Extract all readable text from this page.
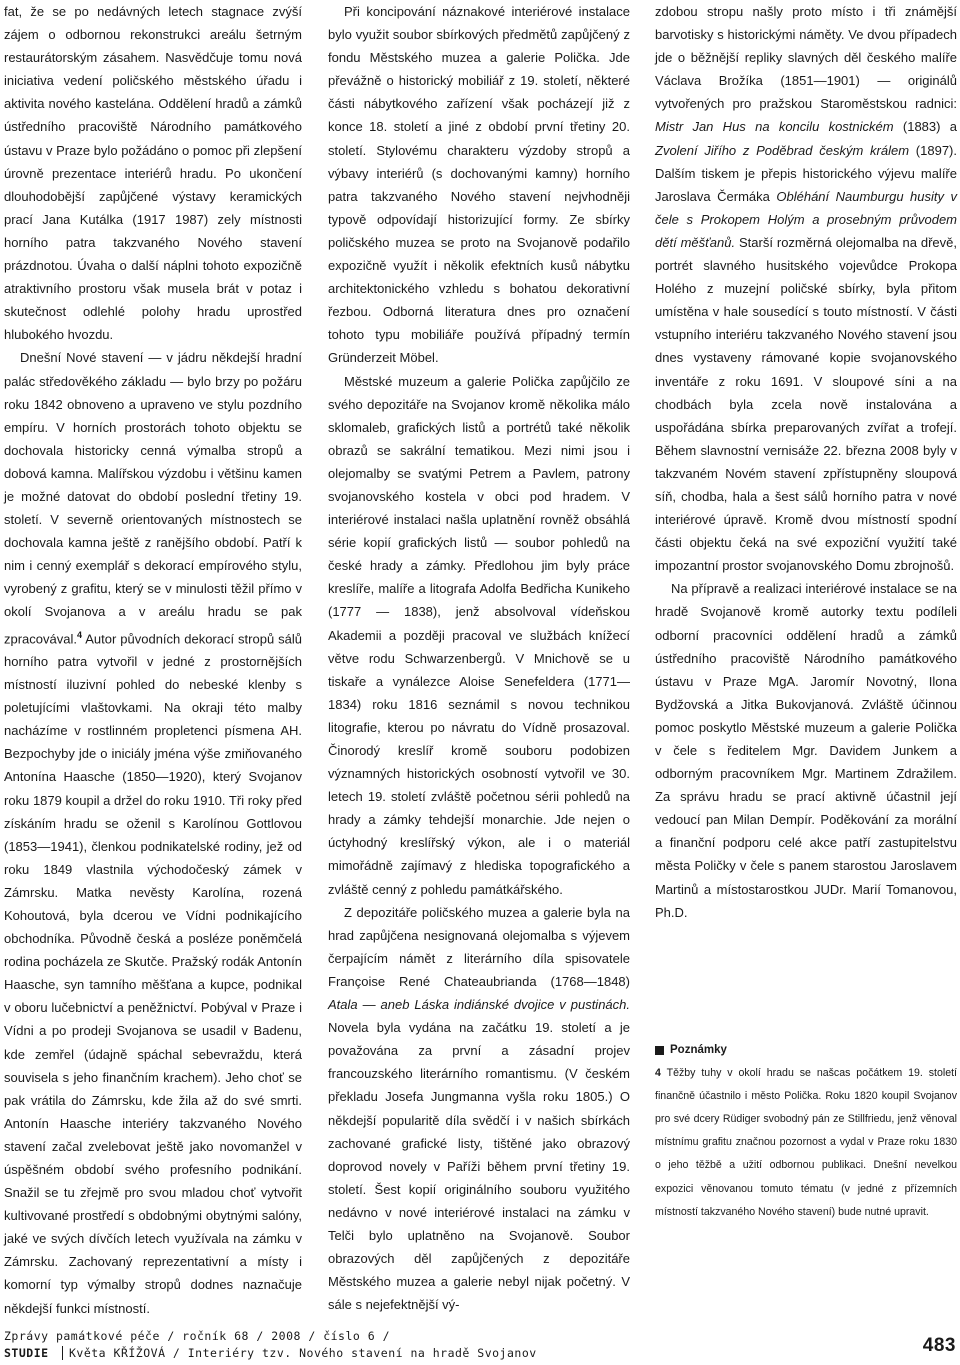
fat, že se po nedávných letech stagnace zvýší zájem o odbornou rekonstrukci areálu šetrným restaurátorským zásahem. Nasvědčuje tomu nová iniciativa vedení poličského městského úřadu i aktivita nového kastelána. Oddělení hradů a zámků ústředního pracoviště Národního památkového ústavu v Praze bylo požádáno o pomoc při zlepšení úrovně prezentace interiérů hradu. Po ukončení dlouhodobější zapůjčené výstavy keramických prací Jana Kutálka (1917 1987) zely místnosti horního patra takzvaného Nového stavení prázdnotou. Úvaha o další náplni tohoto expozičně atraktivního prostoru však musela brát v potaz i skutečnost odlehlé polohy hradu uprostřed hlubokého hvozdu.

Dnešní Nové stavení — v jádru někdejší hradní palác středověkého základu — bylo brzy po požáru roku 1842 obnoveno a upraveno ve stylu pozdního empíru. V horních prostorách tohoto objektu se dochovala historicky cenná výmalba stropů a dobová kamna. Malířskou výzdobu i většinu kamen je možné datovat do období poslední třetiny 19. století. V severně orientovaných místnostech se dochovala kamna ještě z ranějšího období. Patří k nim i cenný exemplář s dekorací empírového stylu, vyrobený z grafitu, který se v minulosti těžil přímo v okolí Svojanova a v areálu hradu se pak zpracovával.$^4$ Autor původních dekorací stropů sálů horního patra vytvořil v jedné z prostornějších místností iluzivní pohled do nebeské klenby s poletujícími vlaštovkami. Na okraji této malby nacházíme v rostlinném propletenci písmena AH. Bezpochyby jde o iniciály jména výše zmiňovaného Antonína Haasche (1850—1920), který Svojanov roku 1879 koupil a držel do roku 1910. Tři roky před získáním hradu se oženil s Karolínou Gottlovou (1853—1941), členkou podnikatelské rodiny, jež od roku 1849 vlastnila východočeský zámek v Zámrsku. Matka nevěsty Karolína, rozená Kohoutová, byla dcerou ve Vídni podnikajícího obchodníka. Původně česká a posléze poněmčelá rodina pocházela ze Skutče. Pražský rodák Antonín Haasche, syn tamního měšťana a kupce, podnikal v oboru lučebnictví a peněžnictví. Pobýval v Praze i Vídni a po prodeji Svojanova se usadil v Badenu, kde zemřel (údajně spáchal sebevraždu, která souvisela s jeho finančním krachem). Jeho choť se pak vrátila do Zámrsku, kde žila až do své smrti. Antonín Haasche interiéry takzvaného Nového stavení začal zvelebovat ještě jako novomanžel v úspěšném období svého profesního podnikání. Snažil se tu zřejmě pro svou mladou choť vytvořit kultivované prostředí s obdobnými obytnými salóny, jaké ve svých dívčích letech využívala na zámku v Zámrsku. Zachovaný reprezentativní a místy i komorní typ výmalby stropů dodnes naznačuje někdejší funkci místností.

Při koncipování náznakové interiérové instalace bylo využit soubor sbírkových předmětů zapůjčený z fondu Městského muzea a galerie Polička. Jde převážně o historický mobiliář z 19. století, některé části nábytkového zařízení však pocházejí již z konce 18. století a jiné z období první třetiny 20. století. Stylovému charakteru výzdoby stropů a výbavy interiérů (s dochovanými kamny) horního patra takzvaného Nového stavení nejvhodněji typově odpovídají historizující formy. Ze sbírky poličského muzea se proto na Svojanově podařilo expozičně využít i několik efektních kusů nábytku architektonického vzhledu s bohatou dekorativní řezbou. Odborná literatura dnes pro označení tohoto typu mobiliáře používá případný termín Gründerzeit Möbel.

Městské muzeum a galerie Polička zapůjčilo ze svého depozitáře na Svojanov kromě několika málo sklomaleb, grafických listů a portrétů také několik obrazů se sakrální tematikou. Mezi nimi jsou i olejomalby se svatými Petrem a Pavlem, patrony svojanovského kostela v obci pod hradem. V interiérové instalaci našla uplatnění rovněž obsáhlá série kopií grafických listů — soubor pohledů na české hrady a zámky. Předlohou jim byly práce kreslíře, malíře a litografa Adolfa Bedřicha Kunikeho (1777 — 1838), jenž absolvoval vídeňskou Akademii a později pracoval ve službách knížecí větve rodu Schwarzenbergů. V Mnichově se u tiskaře a vynálezce Aloise Senefeldera (1771—1834) roku 1816 seznámil s novou technikou litografie, kterou po návratu do Vídně prosazoval. Činorodý kreslíř kromě souboru podobizen významných historických osobností vytvořil ve 30. letech 19. století zvláště početnou sérii pohledů na hrady a zámky tehdejší monarchie. Jde nejen o úctyhodný kreslířský výkon, ale i o materiál mimořádně zajímavý z hlediska topografického a zvláště cenný z pohledu památkářského.

Z depozitáře poličského muzea a galerie byla na hrad zapůjčena nesignovaná olejomalba s výjevem čerpajícím námět z literárního díla spisovatele Françoise René Chateaubrianda (1768—1848) Atala — aneb Láska indiánské dvojice v pustinách. Novela byla vydána na začátku 19. století a je považována za první a zásadní projev francouzského literárního romantismu. (V českém překladu Josefa Jungmanna vyšla roku 1805.) O někdejší popularitě díla svědčí i v našich sbírkách zachované grafické listy, tištěné jako obrazový doprovod novely v Paříži během první třetiny 19. století. Šest kopií originálního souboru využitého nedávno v nové interiérové instalaci na zámku v Telči bylo uplatněno na Svojanově. Soubor obrazových děl zapůjčených z depozitáře Městského muzea a galerie nebyl nijak početný. V sále s nejefektnější vý-

zdobou stropu našly proto místo i tři známější barvotisky s historickými náměty. Ve dvou případech jde o běžnější repliky slavných děl českého malíře Václava Brožíka (1851—1901) — originálů vytvořených pro pražskou Staroměstskou radnici: Mistr Jan Hus na koncilu kostnickém (1883) a Zvolení Jiřího z Poděbrad českým králem (1897). Dalším tiskem je přepis historického výjevu malíře Jaroslava Čermáka Obléhání Naumburgu husity v čele s Prokopem Holým a prosebným průvodem dětí měšťanů. Starší rozměrná olejomalba na dřevě, portrét slavného husitského vojevůdce Prokopa Holého z muzejní poličské sbírky, byla přitom umístěna v hale sousedící s touto místností. V části vstupního interiéru takzvaného Nového stavení jsou dnes vystaveny rámované kopie svojanovského inventáře z roku 1691. V sloupové síni a na chodbách byla zcela nově instalována a uspořádána sbírka preparovaných zvířat a trofejí. Během slavnostní vernisáže 22. března 2008 byly v takzvaném Novém stavení zpřístupněny sloupová síň, chodba, hala a šest sálů horního patra v nové interiérové úpravě. Kromě dvou místností spodní části objektu čeká na své expoziční využití také impozantní prostor svojanovského Domu zbrojnošů.

Na přípravě a realizaci interiérové instalace se na hradě Svojanově kromě autorky textu podíleli odborní pracovníci oddělení hradů a zámků ústředního pracoviště Národního památkového ústavu v Praze MgA. Jaromír Novotný, Ilona Bydžovská a Jitka Bukovjanová. Zvláště účinnou pomoc poskytlo Městské muzeum a galerie Polička v čele s ředitelem Mgr. Davidem Junkem a odborným pracovníkem Mgr. Martinem Zdražilem. Za správu hradu se prací aktivně účastnil její vedoucí pan Milan Dempír. Poděkování za morální a finanční podporu celé akce patří zastupitelstvu města Poličky v čele s panem starostou Jaroslavem Martinů a místostarostkou JUDr. Marií Tomanovou, Ph.D.

Poznámky

4 Těžby tuhy v okolí hradu se našcas počátkem 19. století finančně účastnilo i město Polička. Roku 1820 koupil Svojanov pro své dcery Rüdiger svobodný pán ze Stillfriedu, jenž věnoval místnímu grafitu značnou pozornost a vydal v Praze roku 1830 o jeho těžbě a užití odbornou publikaci. Dnešní nevelkou expozici věnovanou tomuto tématu (v jedné z přízemních místností takzvaného Nového stavení) bude nutné upravit.

Zprávy památkové péče / ročník 68 / 2008 / číslo 6 /
STUDIE Květa KŘÍŽOVÁ / Interiéry tzv. Nového stavení na hradě Svojanov	483
